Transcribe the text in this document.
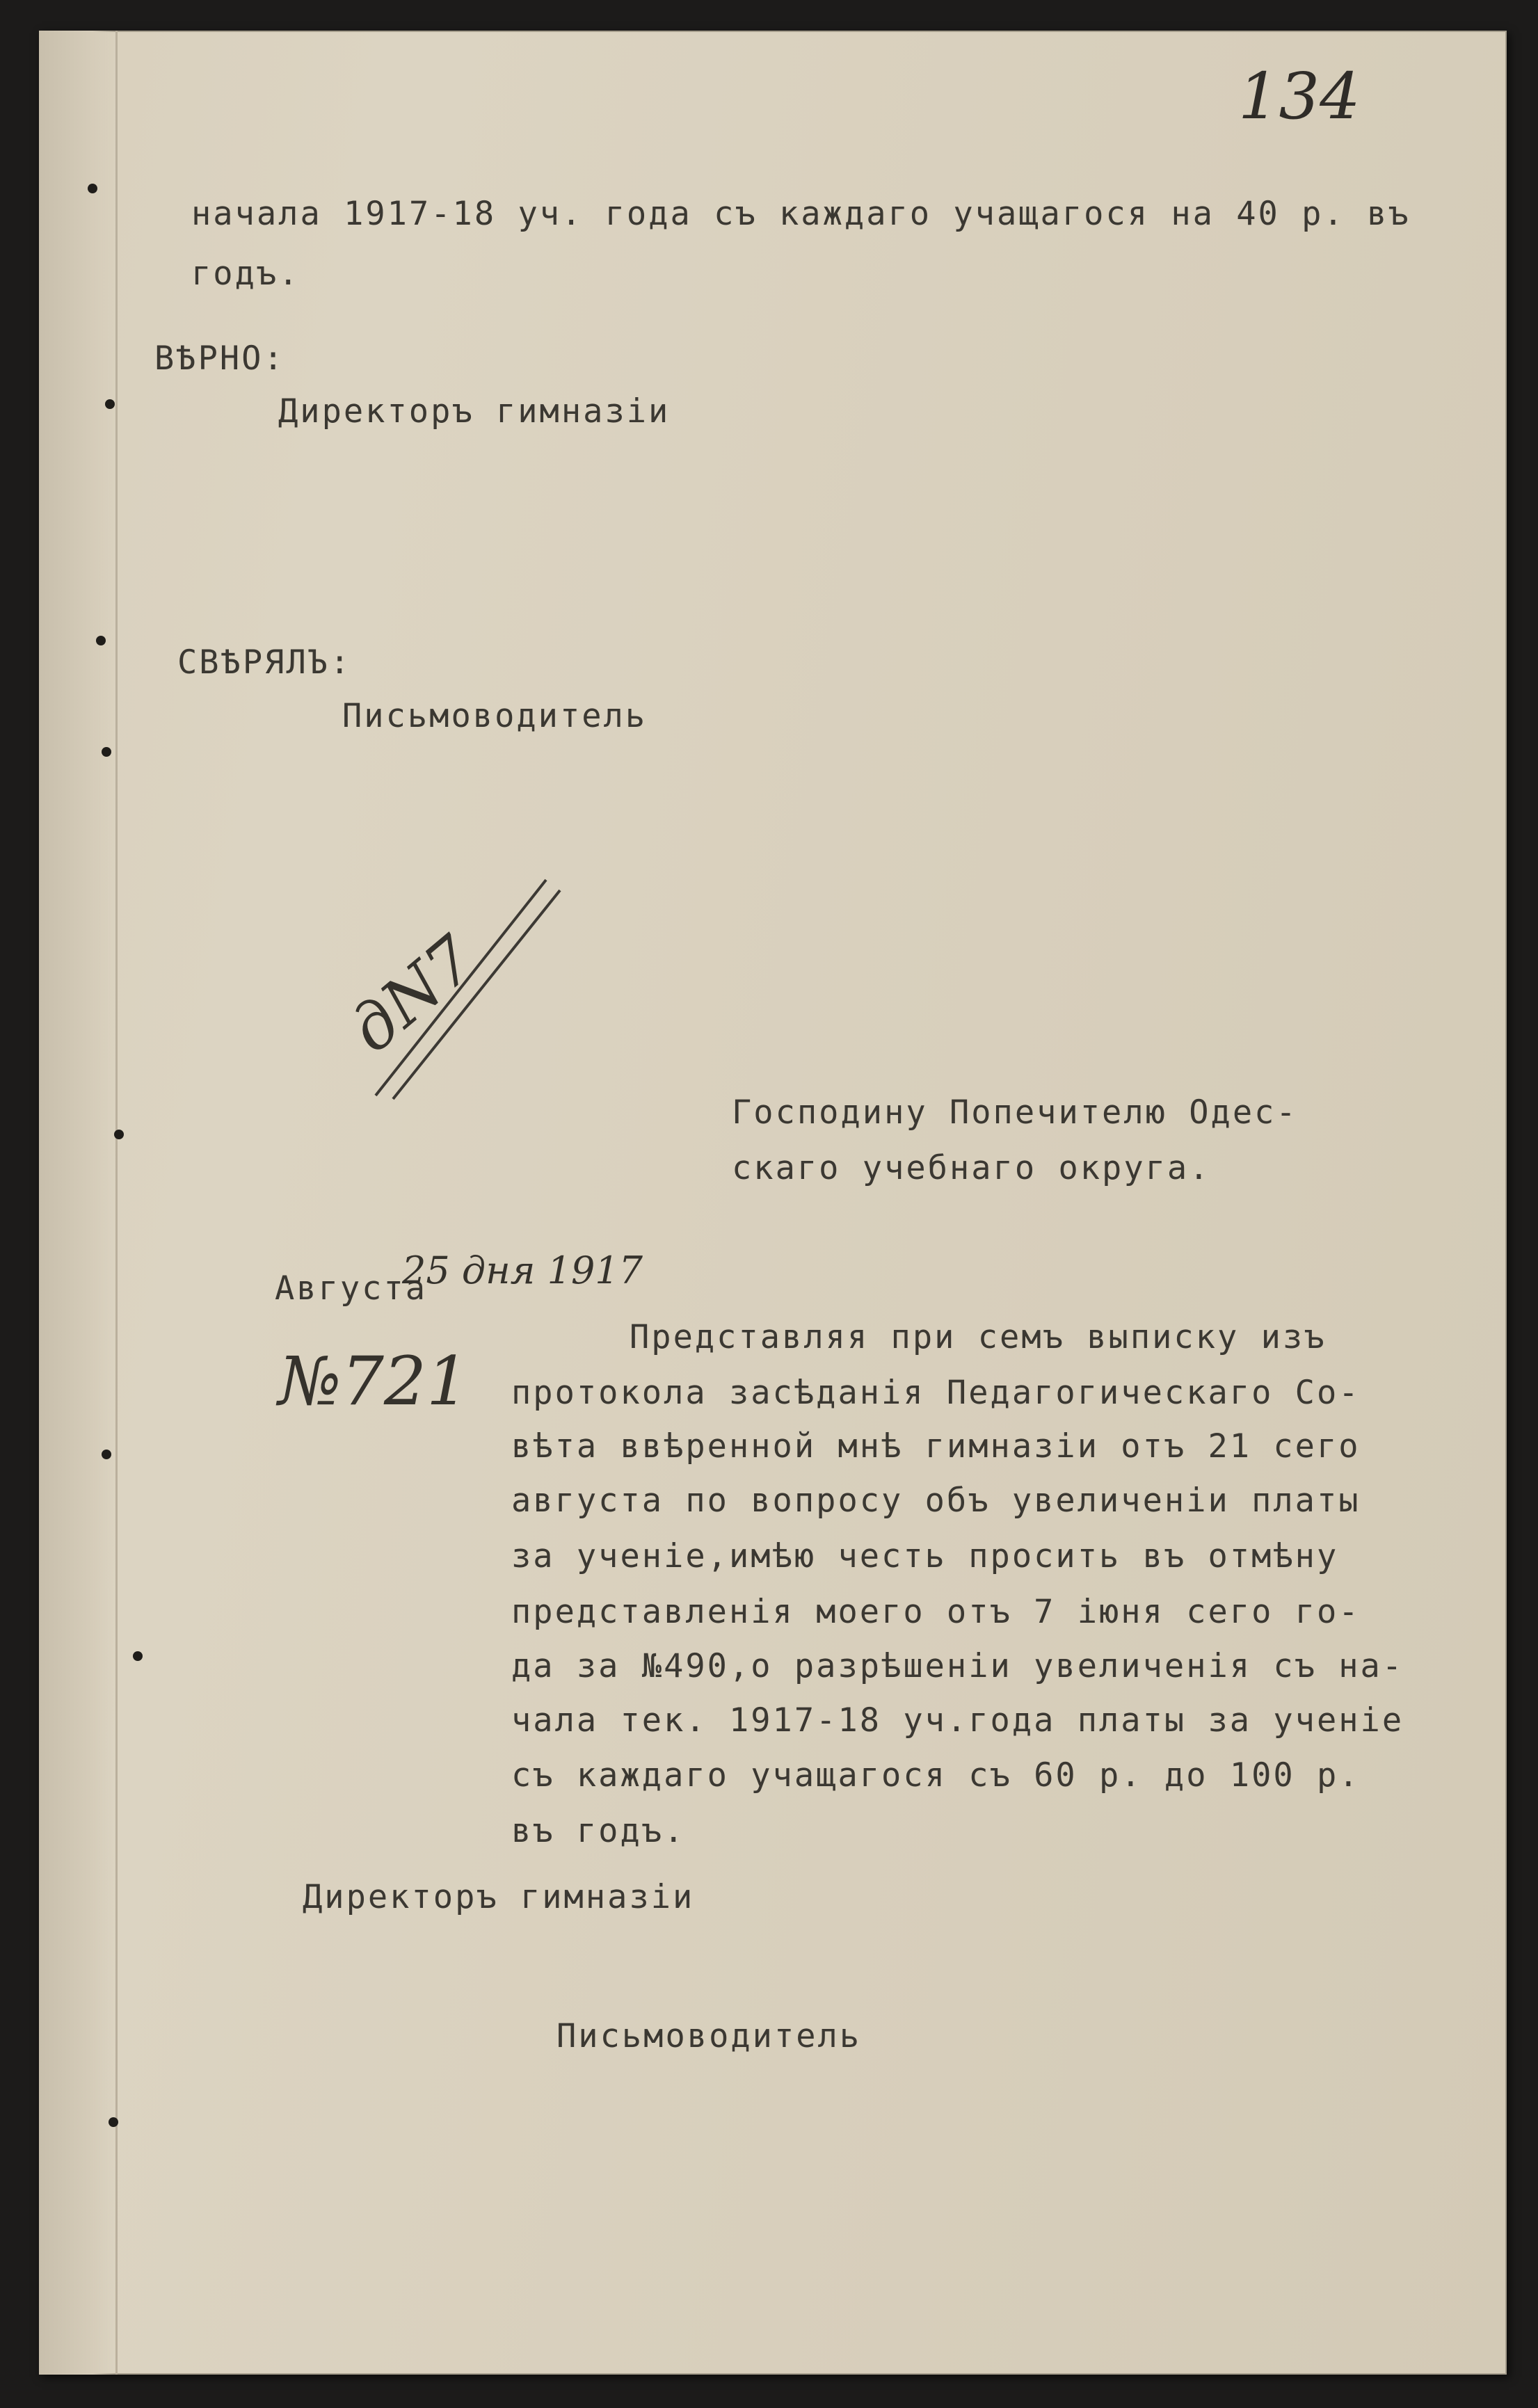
134
начала 1917-18 уч. года съ каждаго учащагося на 40 р. въ
годъ.
ВѢРНО:
Директоръ гимназіи
СВѢРЯЛЪ:
Письмоводитель
дN7
Господину Попечителю Одес-
скаго учебнаго округа.
Августа
25 дня 1917
№721
Представляя при семъ выписку изъ
протокола засѣданія Педагогическаго Со-
вѣта ввѣренной мнѣ гимназіи отъ 21 сего
августа по вопросу объ увеличеніи платы
за ученіе,имѣю честь просить въ отмѣну
представленія моего отъ 7 іюня сего го-
да за №490,о разрѣшеніи увеличенія съ на-
чала тек. 1917-18 уч.года платы за ученіе
съ каждаго учащагося съ 60 р. до 100 р.
въ годъ.
Директоръ гимназіи
Письмоводитель
